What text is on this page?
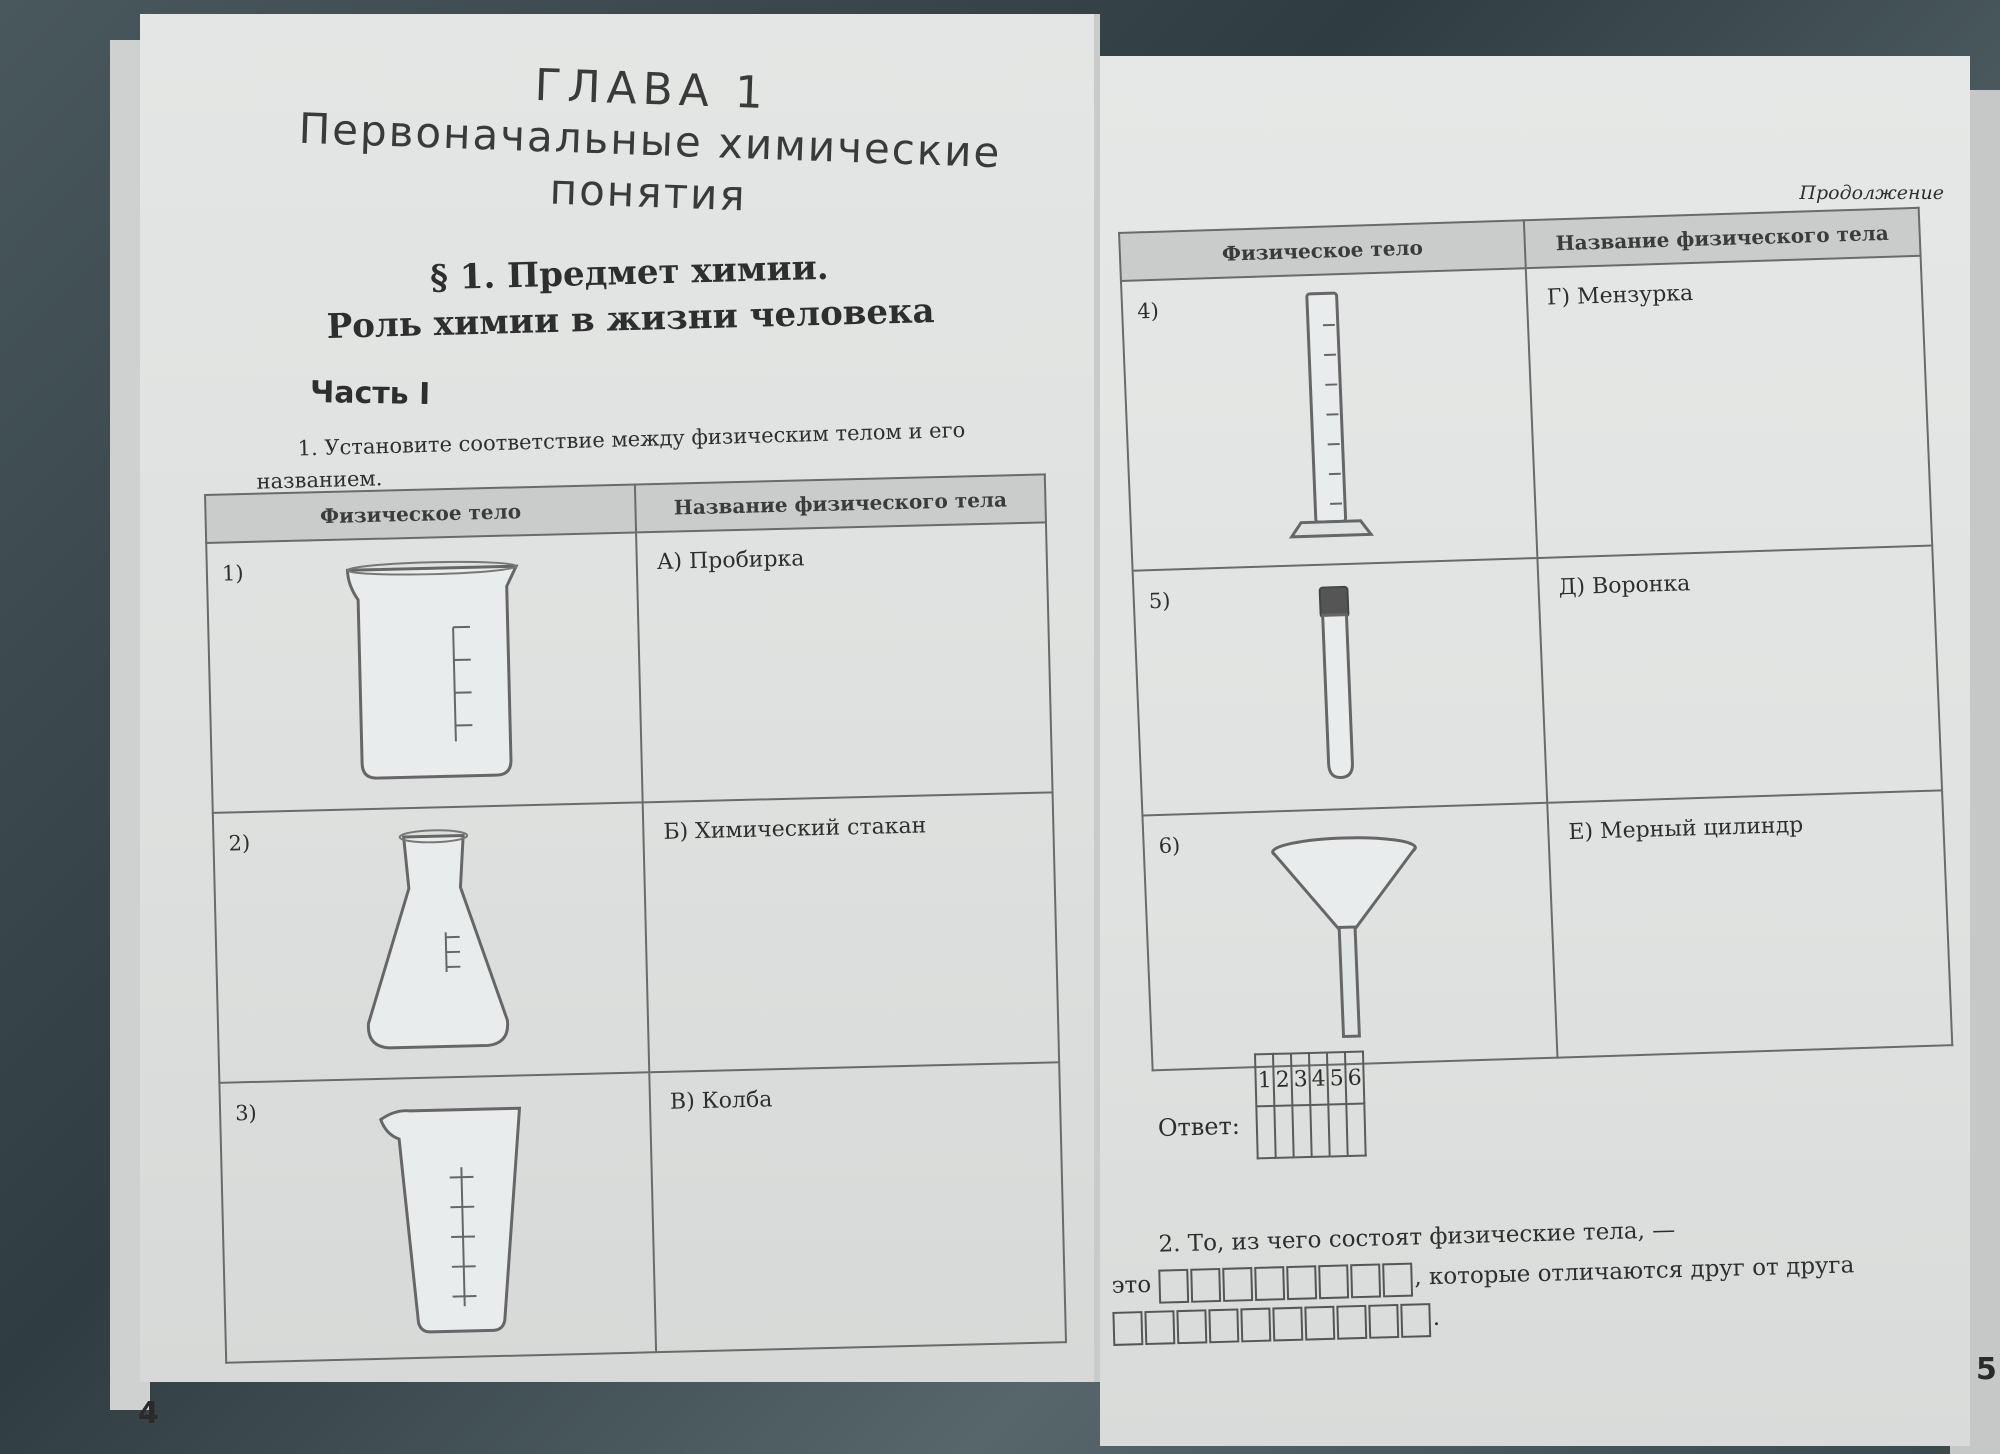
ГЛАВА 1
Первоначальные химические
понятия
§ 1. Предмет химии.
Роль химии в жизни человека
Часть I
1. Установите соответствие между физическим телом и его названием.
Физическое тело	Название физического тела

1)	А) Пробирка

2)	Б) Химический стакан

3)	В) Колба
4
Продолжение
Физическое тело	Название физического тела

4)	Г) Мензурка

5)	Д) Воронка

6)	Е) Мерный цилиндр
Ответ:
1	2	3	4	5	6

2. То, из чего состоят физические тела, —
это	, которые отличаются друг от друга
.
5
